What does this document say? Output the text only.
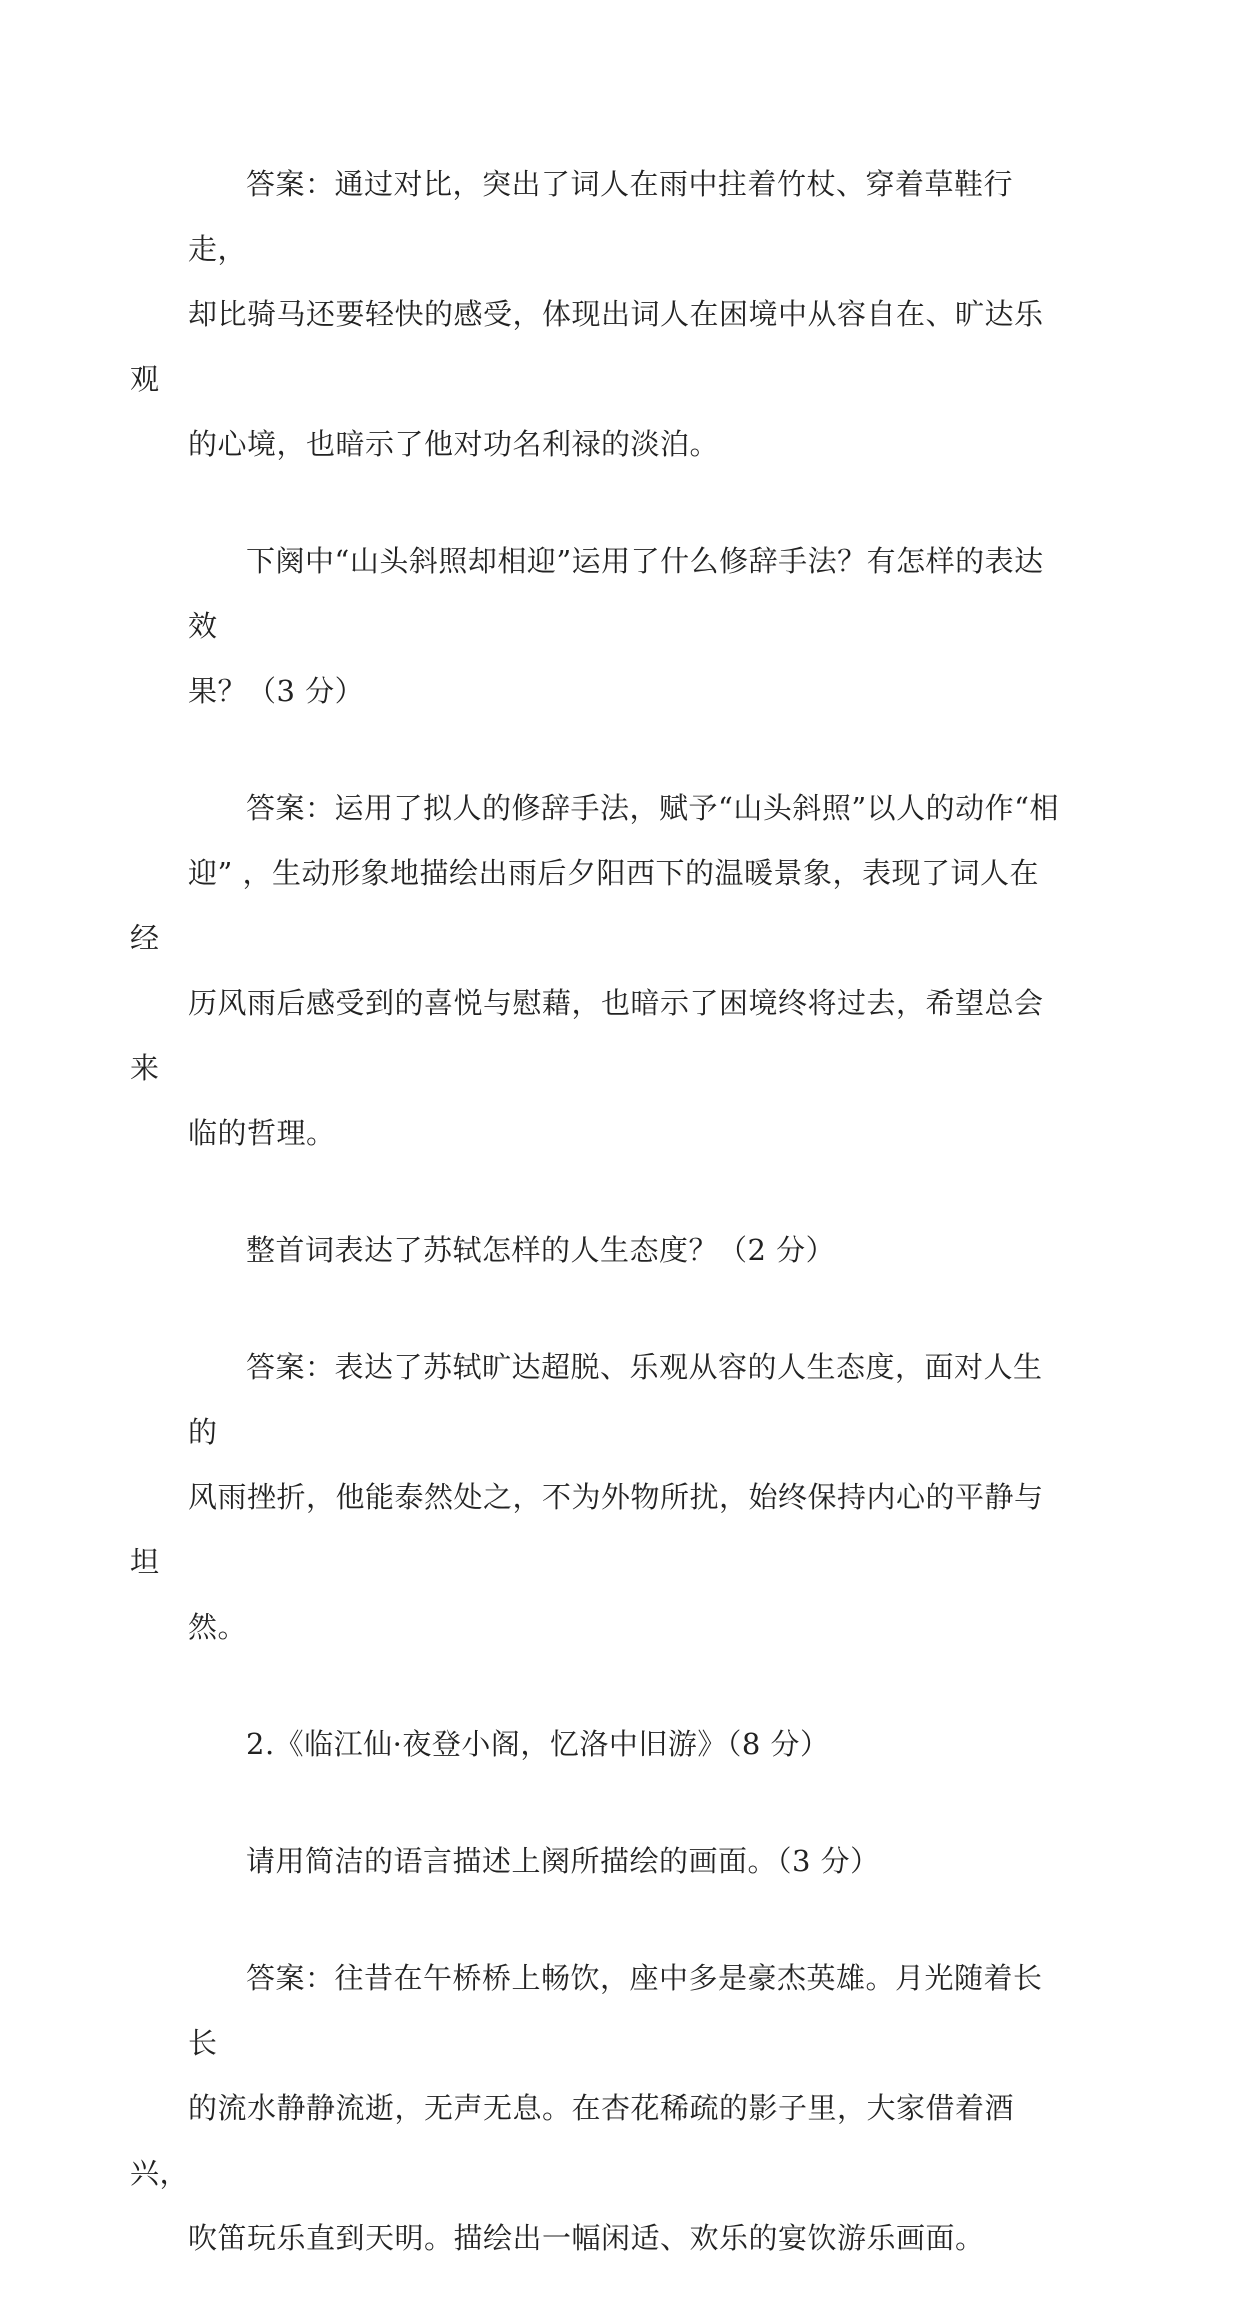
答案：通过对比，突出了词人在雨中拄着竹杖、穿着草鞋行走，
却比骑马还要轻快的感受，体现出词人在困境中从容自在、旷达乐观
的心境，也暗示了他对功名利禄的淡泊。

下阕中“山头斜照却相迎”运用了什么修辞手法？有怎样的表达效
果？（3 分）

答案：运用了拟人的修辞手法，赋予“山头斜照”以人的动作“相
迎” ，生动形象地描绘出雨后夕阳西下的温暖景象，表现了词人在经
历风雨后感受到的喜悦与慰藉，也暗示了困境终将过去，希望总会来
临的哲理。

整首词表达了苏轼怎样的人生态度？（2 分）

答案：表达了苏轼旷达超脱、乐观从容的人生态度，面对人生的
风雨挫折，他能泰然处之，不为外物所扰，始终保持内心的平静与坦
然。

2.《临江仙·夜登小阁，忆洛中旧游》（8 分）

请用简洁的语言描述上阕所描绘的画面。（3 分）

答案：往昔在午桥桥上畅饮，座中多是豪杰英雄。月光随着长长
的流水静静流逝，无声无息。在杏花稀疏的影子里，大家借着酒兴，
吹笛玩乐直到天明。描绘出一幅闲适、欢乐的宴饮游乐画面。
